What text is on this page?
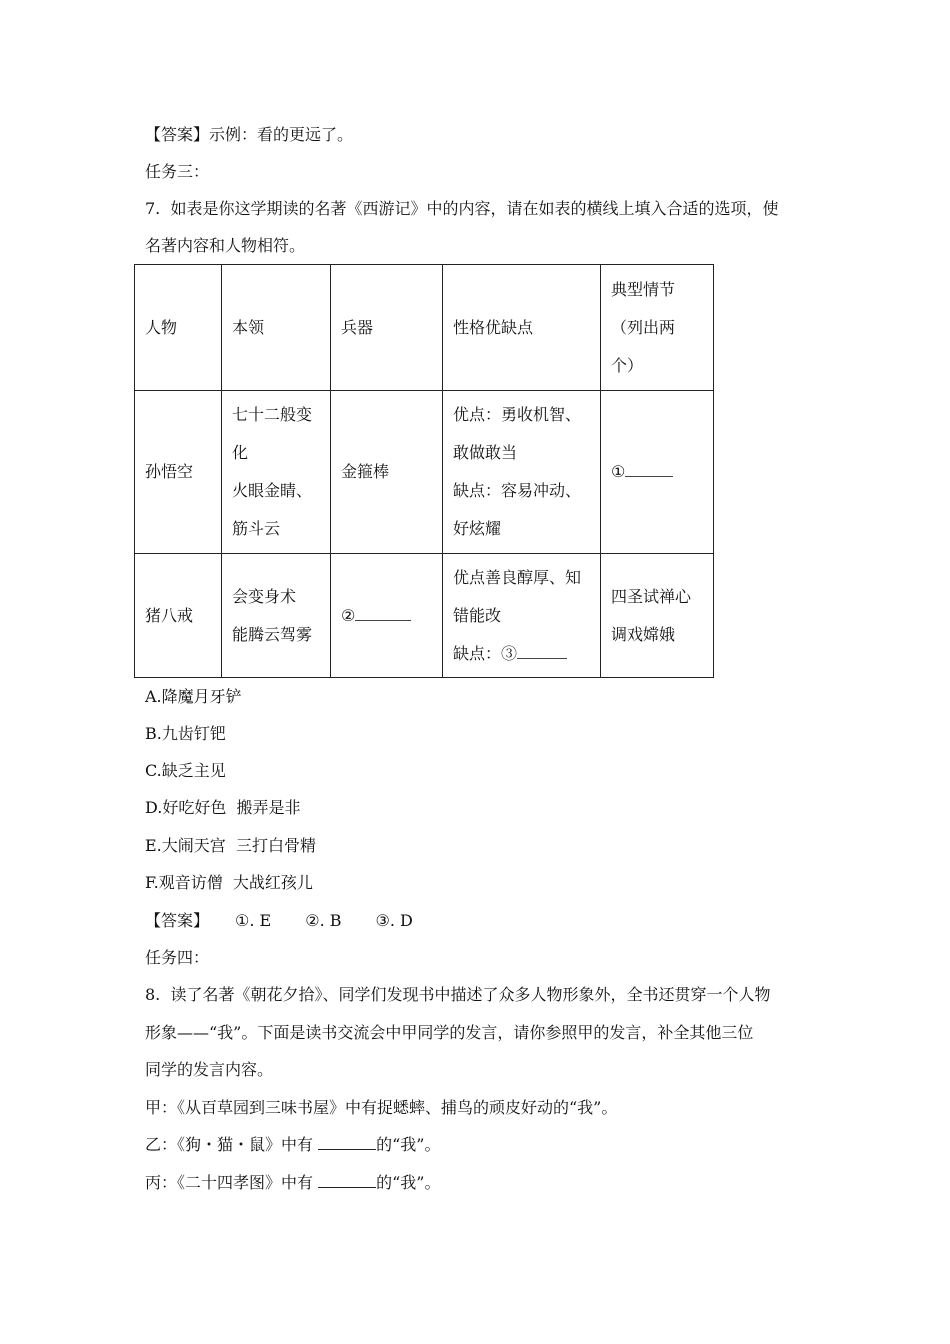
【答案】示例：看的更远了。
任务三：
7. 如表是你这学期读的名著《西游记》中的内容，请在如表的横线上填入合适的选项，使
名著内容和人物相符。
人物	本领	兵器	性格优缺点	典型情节
（列出两
个）

孙悟空	七十二般变
化
火眼金睛、
筋斗云	金箍棒	优点：勇收机智、
敢做敢当
缺点：容易冲动、
好炫耀	①
猪八戒	会变身术
能腾云驾雾	②	优点善良醇厚、知
错能改
缺点：③	四圣试禅心
调戏嫦娥
A.降魔月牙铲
B.九齿钉钯
C.缺乏主见
D.好吃好色  搬弄是非
E.大闹天宫  三打白骨精
F.观音访僧  大战红孩儿
【答案】 ①. E ②. B ③. D
任务四：
8. 读了名著《朝花夕拾》、同学们发现书中描述了众多人物形象外，全书还贯穿一个人物
形象——“我”。下面是读书交流会中甲同学的发言，请你参照甲的发言，补全其他三位
同学的发言内容。
甲：《从百草园到三味书屋》中有捉蟋蟀、捕鸟的顽皮好动的“我”。
乙：《狗・猫・鼠》中有	的“我”。
丙：《二十四孝图》中有	的“我”。
